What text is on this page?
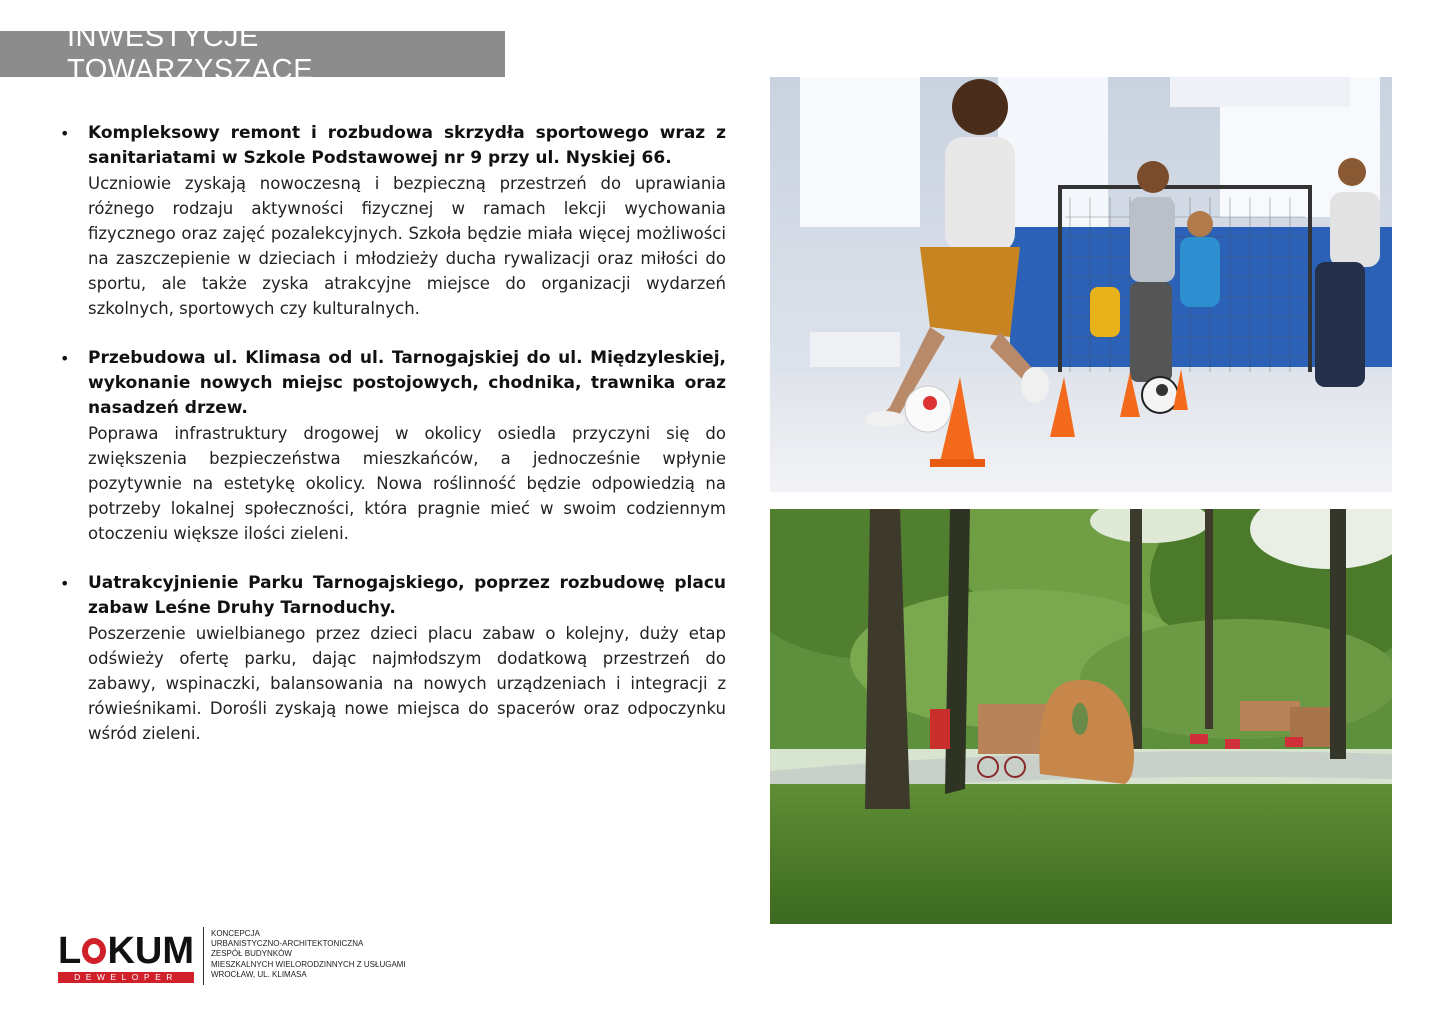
INWESTYCJE TOWARZYSZĄCE
• Kompleksowy remont i rozbudowa skrzydła sportowego wraz z sanitariatami w Szkole Podstawowej nr 9 przy ul. Nyskiej 66.
Uczniowie zyskają nowoczesną i bezpieczną przestrzeń do uprawiania różnego rodzaju aktywności fizycznej w ramach lekcji wychowania fizycznego oraz zajęć pozalekcyjnych. Szkoła będzie miała więcej możliwości na zaszczepienie w dzieciach i młodzieży ducha rywalizacji oraz miłości do sportu, ale także zyska atrakcyjne miejsce do organizacji wydarzeń szkolnych, sportowych czy kulturalnych.
• Przebudowa ul. Klimasa od ul. Tarnogajskiej do ul. Międzyleskiej, wykonanie nowych miejsc postojowych, chodnika, trawnika oraz nasadzeń drzew.
Poprawa infrastruktury drogowej w okolicy osiedla przyczyni się do zwiększenia bezpieczeństwa mieszkańców, a jednocześnie wpłynie pozytywnie na estetykę okolicy. Nowa roślinność będzie odpowiedzią na potrzeby lokalnej społeczności, która pragnie mieć w swoim codziennym otoczeniu większe ilości zieleni.
• Uatrakcyjnienie Parku Tarnogajskiego, poprzez rozbudowę placu zabaw Leśne Druhy Tarnoduchy.
Poszerzenie uwielbianego przez dzieci placu zabaw o kolejny, duży etap odświeży ofertę parku, dając najmłodszym dodatkową przestrzeń do zabawy, wspinaczki, balansowania na nowych urządzeniach i integracji z rówieśnikami. Dorośli zyskają nowe miejsca do spacerów oraz odpoczynku wśród zieleni.
L KUM
DEWELOPER
KONCEPCJA
URBANISTYCZNO-ARCHITEKTONICZNA
ZESPÓŁ BUDYNKÓW
MIESZKALNYCH WIELORODZINNYCH Z USŁUGAMI
WROCŁAW, UL. KLIMASA
